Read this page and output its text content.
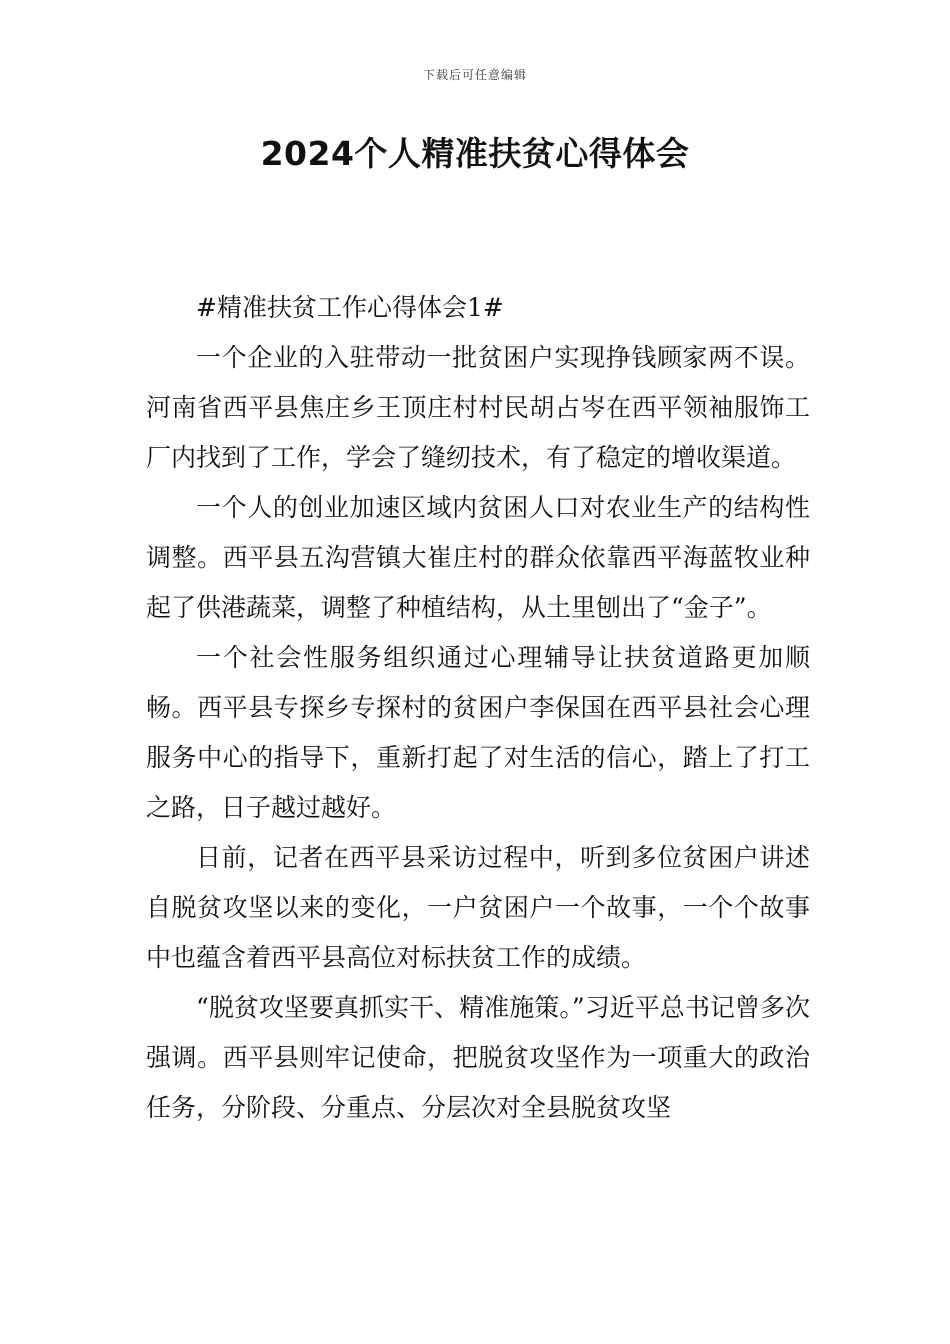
下载后可任意编辑
2024个人精准扶贫心得体会

#精准扶贫工作心得体会1#

一个企业的入驻带动一批贫困户实现挣钱顾家两不误。河南省西平县焦庄乡王顶庄村村民胡占岑在西平领袖服饰工厂内找到了工作，学会了缝纫技术，有了稳定的增收渠道。

一个人的创业加速区域内贫困人口对农业生产的结构性调整。西平县五沟营镇大崔庄村的群众依靠西平海蓝牧业种起了供港蔬菜，调整了种植结构，从土里刨出了“金子”。

一个社会性服务组织通过心理辅导让扶贫道路更加顺畅。西平县专探乡专探村的贫困户李保国在西平县社会心理服务中心的指导下，重新打起了对生活的信心，踏上了打工之路，日子越过越好。

日前，记者在西平县采访过程中，听到多位贫困户讲述自脱贫攻坚以来的变化，一户贫困户一个故事，一个个故事中也蕴含着西平县高位对标扶贫工作的成绩。

“脱贫攻坚要真抓实干、精准施策。”习近平总书记曾多次强调。西平县则牢记使命，把脱贫攻坚作为一项重大的政治任务，分阶段、分重点、分层次对全县脱贫攻坚
